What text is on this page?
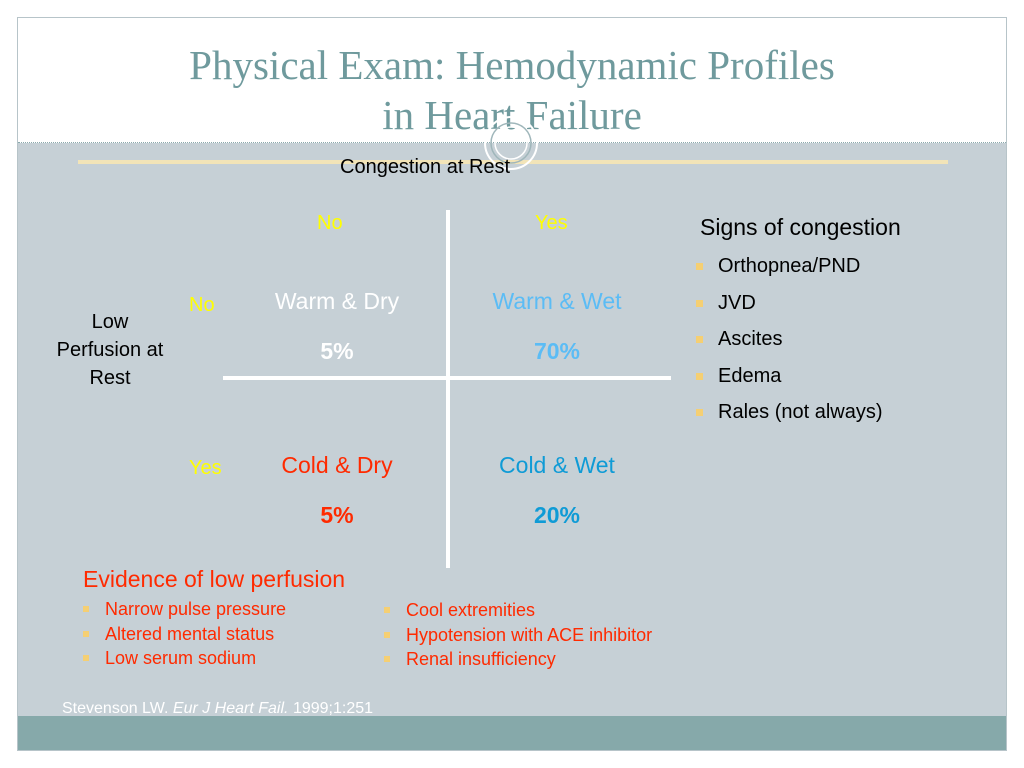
Physical Exam: Hemodynamic Profiles
in Heart Failure
Stevenson LW. Eur J Heart Fail. 1999;1:251
Congestion at Rest
No	Yes
No
Yes
Low Perfusion at Rest
Warm & Dry
5%
Warm & Wet
70%
Cold & Dry
5%
Cold & Wet
20%
Signs of congestion
Orthopnea/PND
JVD
Ascites
Edema
Rales (not always)
Evidence of low perfusion
Narrow pulse pressure
Altered mental status
Low serum sodium
Cool extremities
Hypotension with ACE inhibitor
Renal insufficiency
